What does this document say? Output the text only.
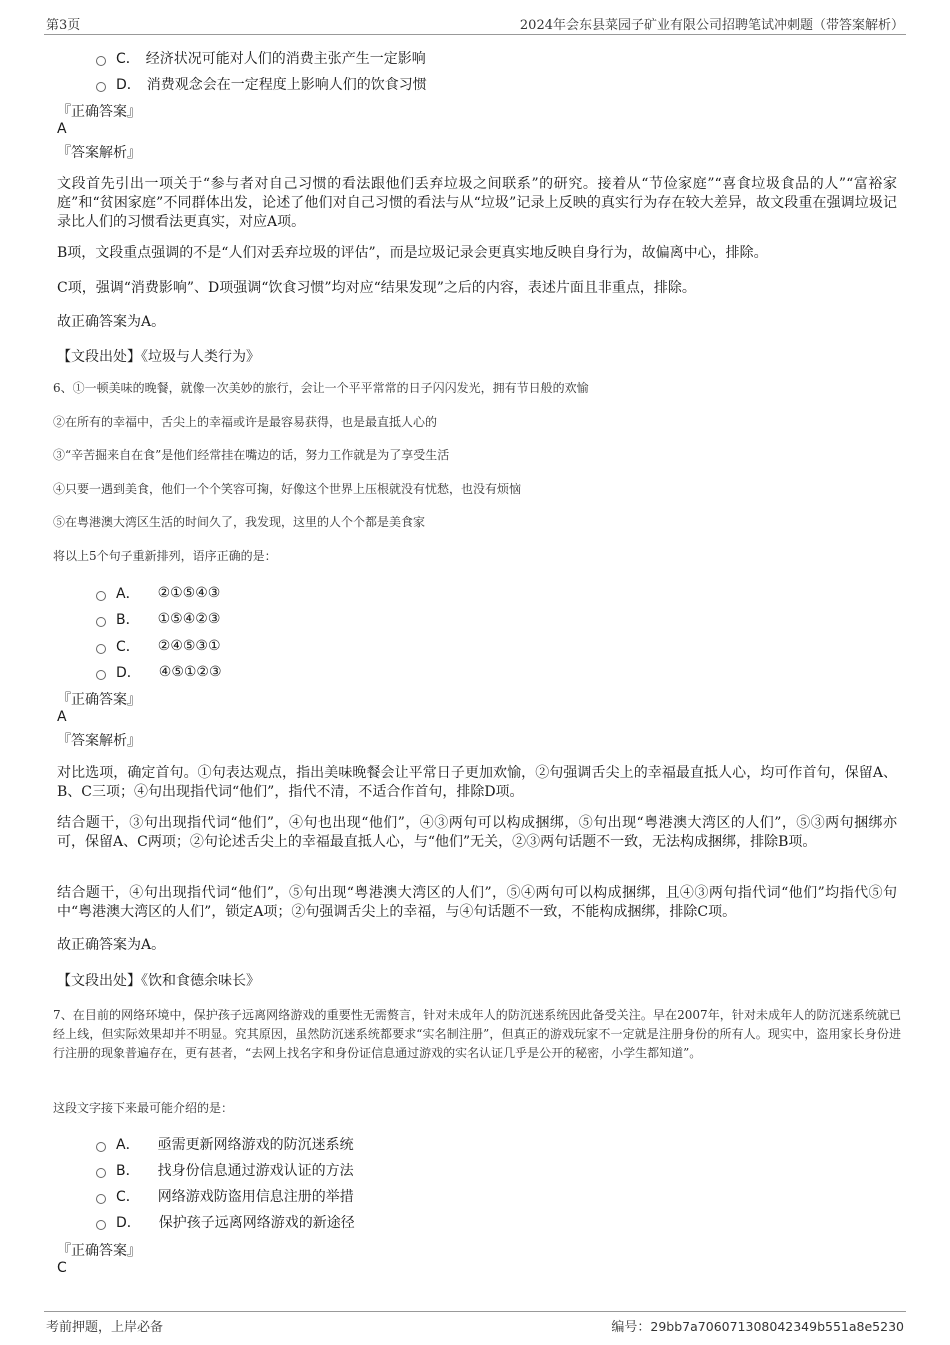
第3页	2024年会东县菜园子矿业有限公司招聘笔试冲刺题（带答案解析）
C． 经济状况可能对人们的消费主张产生一定影响
D． 消费观念会在一定程度上影响人们的饮食习惯
『正确答案』
A
『答案解析』
文段首先引出一项关于“参与者对自己习惯的看法跟他们丢弃垃圾之间联系”的研究。接着从“节俭家庭”“喜食垃圾食品的人”“富裕家庭”和“贫困家庭”不同群体出发，论述了他们对自己习惯的看法与从“垃圾”记录上反映的真实行为存在较大差异，故文段重在强调垃圾记录比人们的习惯看法更真实，对应A项。
B项，文段重点强调的不是“人们对丢弃垃圾的评估”，而是垃圾记录会更真实地反映自身行为，故偏离中心，排除。
C项，强调“消费影响”、D项强调“饮食习惯”均对应“结果发现”之后的内容，表述片面且非重点，排除。
故正确答案为A。
【文段出处】《垃圾与人类行为》
6、①一顿美味的晚餐，就像一次美妙的旅行，会让一个平平常常的日子闪闪发光，拥有节日般的欢愉
②在所有的幸福中，舌尖上的幸福或许是最容易获得，也是最直抵人心的
③“辛苦掘来自在食”是他们经常挂在嘴边的话，努力工作就是为了享受生活
④只要一遇到美食，他们一个个笑容可掬，好像这个世界上压根就没有忧愁，也没有烦恼
⑤在粤港澳大湾区生活的时间久了，我发现，这里的人个个都是美食家
将以上5个句子重新排列，语序正确的是：
A． ②①⑤④③
B． ①⑤④②③
C． ②④⑤③①
D． ④⑤①②③
『正确答案』
A
『答案解析』
对比选项，确定首句。①句表达观点，指出美味晚餐会让平常日子更加欢愉，②句强调舌尖上的幸福最直抵人心，均可作首句，保留A、B、C三项；④句出现指代词“他们”，指代不清，不适合作首句，排除D项。
结合题干，③句出现指代词“他们”，④句也出现“他们”，④③两句可以构成捆绑，⑤句出现“粤港澳大湾区的人们”，⑤③两句捆绑亦可，保留A、C两项；②句论述舌尖上的幸福最直抵人心，与“他们”无关，②③两句话题不一致，无法构成捆绑，排除B项。
结合题干，④句出现指代词“他们”，⑤句出现“粤港澳大湾区的人们”，⑤④两句可以构成捆绑，且④③两句指代词“他们”均指代⑤句中“粤港澳大湾区的人们”，锁定A项；②句强调舌尖上的幸福，与④句话题不一致，不能构成捆绑，排除C项。
故正确答案为A。
【文段出处】《饮和食德余味长》
7、在目前的网络环境中，保护孩子远离网络游戏的重要性无需赘言，针对未成年人的防沉迷系统因此备受关注。早在2007年，针对未成年人的防沉迷系统就已经上线，但实际效果却并不明显。究其原因，虽然防沉迷系统都要求“实名制注册”，但真正的游戏玩家不一定就是注册身份的所有人。现实中，盗用家长身份进行注册的现象普遍存在，更有甚者，“去网上找名字和身份证信息通过游戏的实名认证几乎是公开的秘密，小学生都知道”。
这段文字接下来最可能介绍的是：
A． 亟需更新网络游戏的防沉迷系统
B． 找身份信息通过游戏认证的方法
C． 网络游戏防盗用信息注册的举措
D． 保护孩子远离网络游戏的新途径
『正确答案』
C
考前押题，上岸必备	编号：29bb7a706071308042349b551a8e5230
